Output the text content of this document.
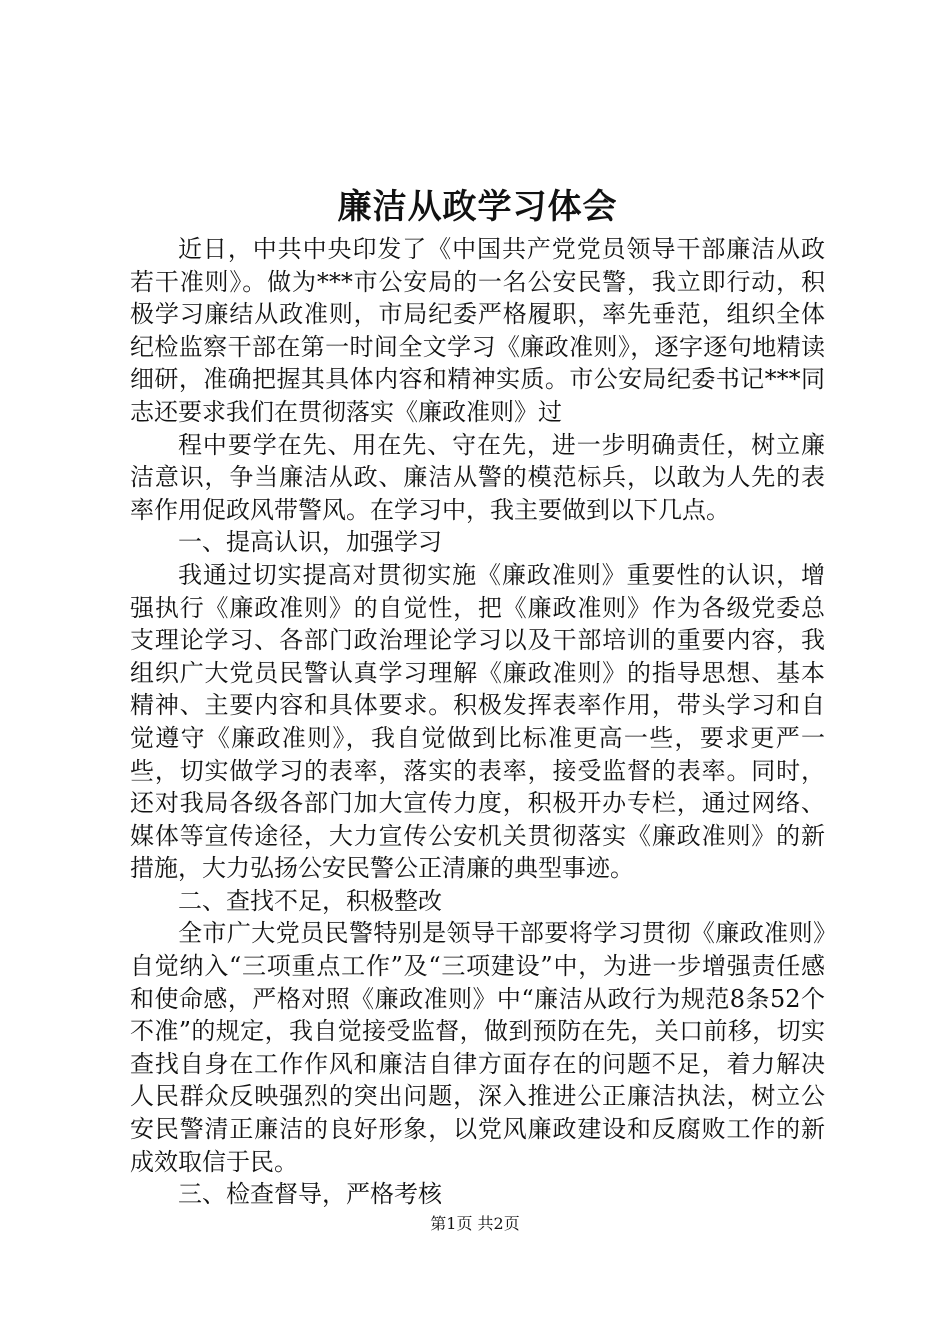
廉洁从政学习体会

近日，中共中央印发了《中国共产党党员领导干部廉洁从政若干准则》。做为***市公安局的一名公安民警，我立即行动，积极学习廉结从政准则，市局纪委严格履职，率先垂范，组织全体纪检监察干部在第一时间全文学习《廉政准则》，逐字逐句地精读细研，准确把握其具体内容和精神实质。市公安局纪委书记***同志还要求我们在贯彻落实《廉政准则》过

程中要学在先、用在先、守在先，进一步明确责任，树立廉洁意识，争当廉洁从政、廉洁从警的模范标兵，以敢为人先的表率作用促政风带警风。在学习中，我主要做到以下几点。

一、提高认识，加强学习

我通过切实提高对贯彻实施《廉政准则》重要性的认识，增强执行《廉政准则》的自觉性，把《廉政准则》作为各级党委总支理论学习、各部门政治理论学习以及干部培训的重要内容，我组织广大党员民警认真学习理解《廉政准则》的指导思想、基本精神、主要内容和具体要求。积极发挥表率作用，带头学习和自觉遵守《廉政准则》，我自觉做到比标准更高一些，要求更严一些，切实做学习的表率，落实的表率，接受监督的表率。同时，还对我局各级各部门加大宣传力度，积极开办专栏，通过网络、媒体等宣传途径，大力宣传公安机关贯彻落实《廉政准则》的新措施，大力弘扬公安民警公正清廉的典型事迹。

二、查找不足，积极整改

全市广大党员民警特别是领导干部要将学习贯彻《廉政准则》自觉纳入“三项重点工作”及“三项建设”中，为进一步增强责任感和使命感，严格对照《廉政准则》中“廉洁从政行为规范8条52个不准”的规定，我自觉接受监督，做到预防在先，关口前移，切实查找自身在工作作风和廉洁自律方面存在的问题不足，着力解决人民群众反映强烈的突出问题，深入推进公正廉洁执法，树立公安民警清正廉洁的良好形象，以党风廉政建设和反腐败工作的新成效取信于民。

三、检查督导，严格考核

第1页 共2页
